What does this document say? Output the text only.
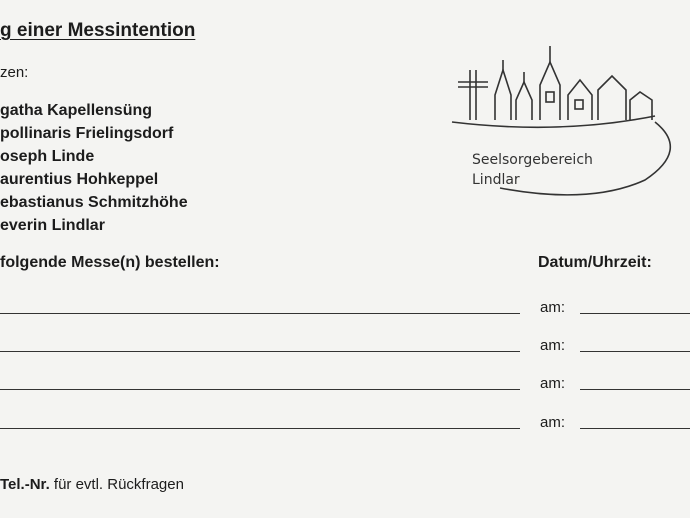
g einer Messintention
zen:
gatha Kapellensüng
pollinaris Frielingsdorf
oseph Linde
aurentius Hohkeppel
ebastianus Schmitzhöhe
everin Lindlar
Seelsorgebereich
Lindlar
folgende Messe(n) bestellen:	Datum/Uhrzeit:
am:
am:
am:
am:
Tel.-Nr. für evtl. Rückfragen
